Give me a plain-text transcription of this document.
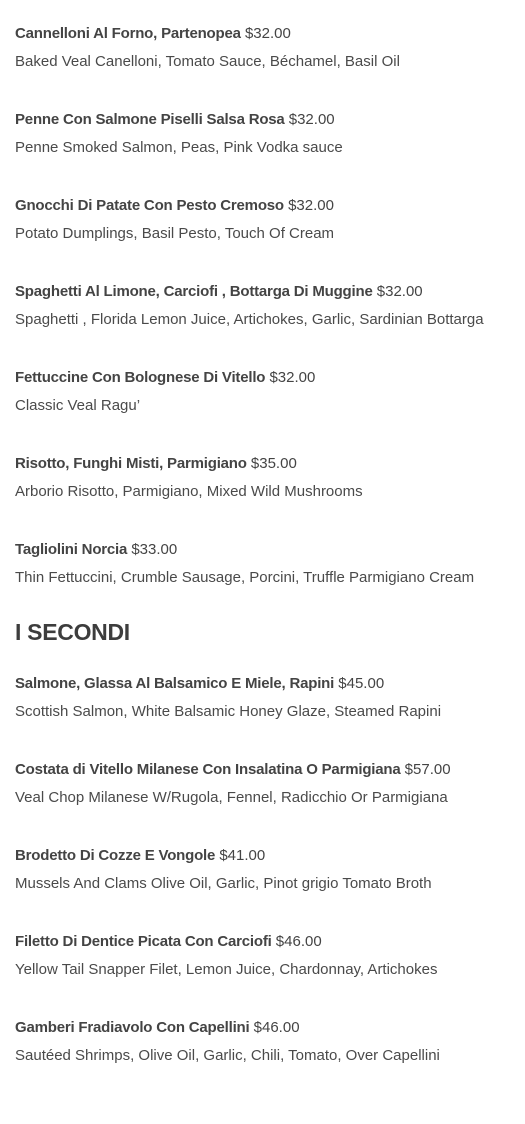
Cannelloni Al Forno, Partenopea $32.00
Baked Veal Canelloni, Tomato Sauce, Béchamel, Basil Oil
Penne Con Salmone Piselli Salsa Rosa $32.00
Penne Smoked Salmon, Peas, Pink Vodka sauce
Gnocchi Di Patate Con Pesto Cremoso $32.00
Potato Dumplings, Basil Pesto, Touch Of Cream
Spaghetti Al Limone, Carciofi , Bottarga Di Muggine $32.00
Spaghetti , Florida Lemon Juice, Artichokes, Garlic, Sardinian Bottarga
Fettuccine Con Bolognese Di Vitello $32.00
Classic Veal Ragu’
Risotto, Funghi Misti, Parmigiano $35.00
Arborio Risotto, Parmigiano, Mixed Wild Mushrooms
Tagliolini Norcia $33.00
Thin Fettuccini, Crumble Sausage, Porcini, Truffle Parmigiano Cream
I SECONDI
Salmone, Glassa Al Balsamico E Miele, Rapini $45.00
Scottish Salmon, White Balsamic Honey Glaze, Steamed Rapini
Costata di Vitello Milanese Con Insalatina O Parmigiana $57.00
Veal Chop Milanese W/Rugola, Fennel, Radicchio Or Parmigiana
Brodetto Di Cozze E Vongole $41.00
Mussels And Clams Olive Oil, Garlic, Pinot grigio Tomato Broth
Filetto Di Dentice Picata Con Carciofi $46.00
Yellow Tail Snapper Filet, Lemon Juice, Chardonnay, Artichokes
Gamberi Fradiavolo Con Capellini $46.00
Sautéed Shrimps, Olive Oil, Garlic, Chili, Tomato, Over Capellini
